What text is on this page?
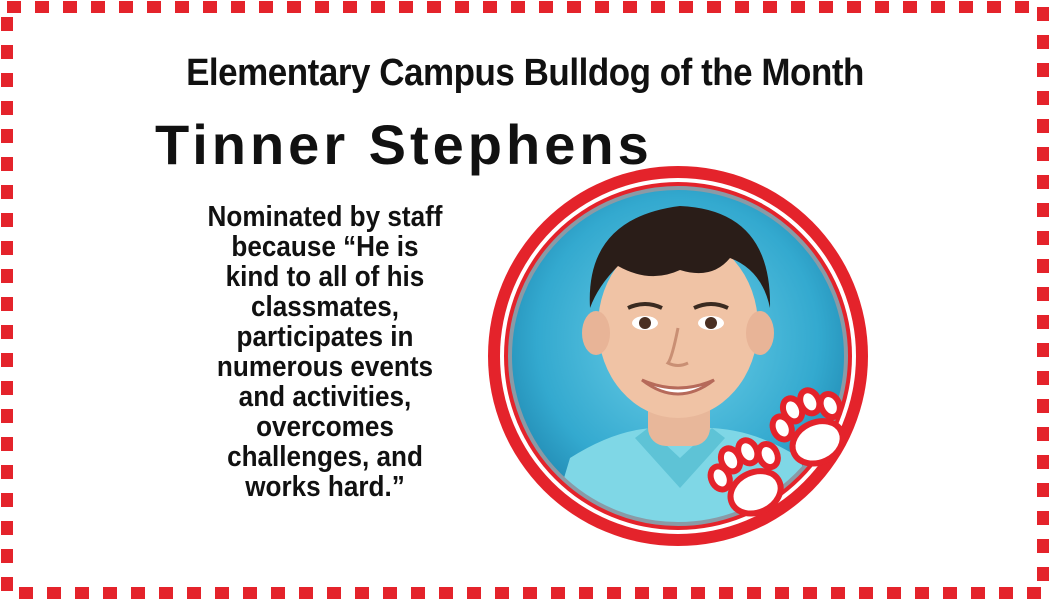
Elementary Campus Bulldog of the Month
Tinner Stephens
Nominated by staff
because “He is
kind to all of his
classmates,
participates in
numerous events
and activities,
overcomes
challenges, and
works hard.”
